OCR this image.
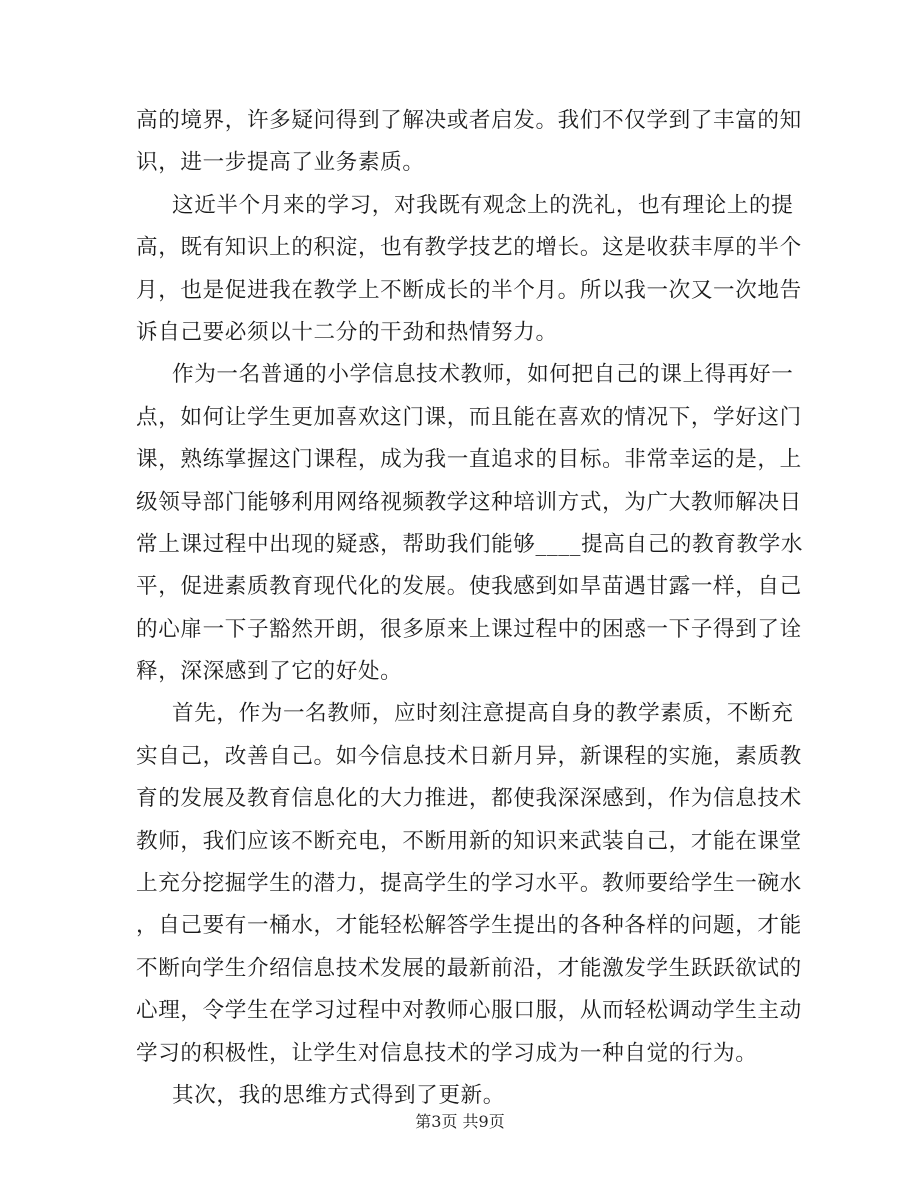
高的境界，许多疑问得到了解决或者启发。我们不仅学到了丰富的知
识，进一步提高了业务素质。
这近半个月来的学习，对我既有观念上的洗礼，也有理论上的提
高，既有知识上的积淀，也有教学技艺的增长。这是收获丰厚的半个
月，也是促进我在教学上不断成长的半个月。所以我一次又一次地告
诉自己要必须以十二分的干劲和热情努力。
作为一名普通的小学信息技术教师，如何把自己的课上得再好一
点，如何让学生更加喜欢这门课，而且能在喜欢的情况下，学好这门
课，熟练掌握这门课程，成为我一直追求的目标。非常幸运的是，上
级领导部门能够利用网络视频教学这种培训方式，为广大教师解决日
常上课过程中出现的疑惑，帮助我们能够____提高自己的教育教学水
平，促进素质教育现代化的发展。使我感到如旱苗遇甘露一样，自己
的心扉一下子豁然开朗，很多原来上课过程中的困惑一下子得到了诠
释，深深感到了它的好处。
首先，作为一名教师，应时刻注意提高自身的教学素质，不断充
实自己，改善自己。如今信息技术日新月异，新课程的实施，素质教
育的发展及教育信息化的大力推进，都使我深深感到，作为信息技术
教师，我们应该不断充电，不断用新的知识来武装自己，才能在课堂
上充分挖掘学生的潜力，提高学生的学习水平。教师要给学生一碗水
，自己要有一桶水，才能轻松解答学生提出的各种各样的问题，才能
不断向学生介绍信息技术发展的最新前沿，才能激发学生跃跃欲试的
心理，令学生在学习过程中对教师心服口服，从而轻松调动学生主动
学习的积极性，让学生对信息技术的学习成为一种自觉的行为。
其次，我的思维方式得到了更新。
第3页 共9页
